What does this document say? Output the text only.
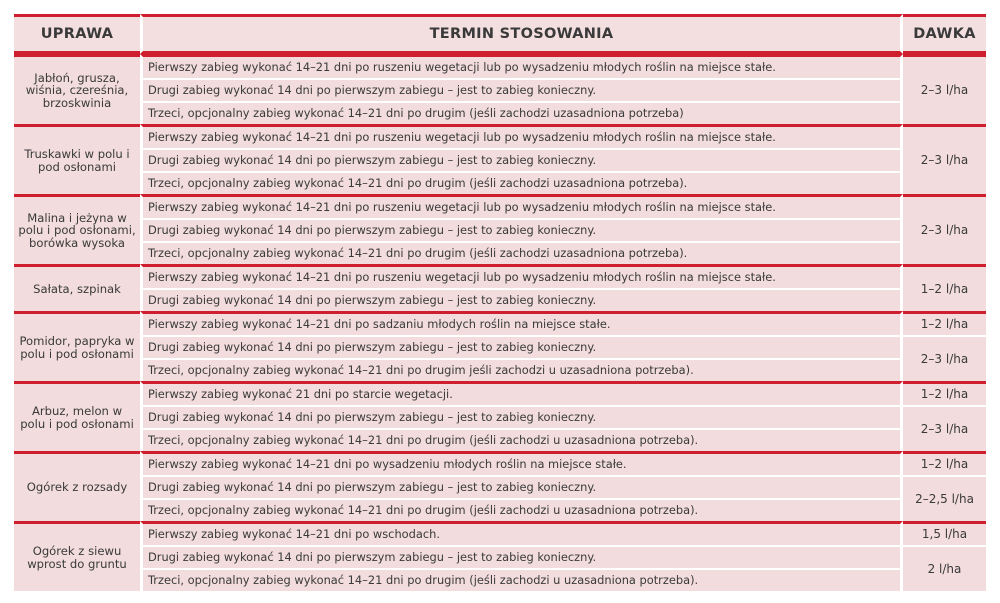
UPRAWA	TERMIN STOSOWANIA	DAWKA
Jabłoń, grusza, wiśnia, czereśnia, brzoskwinia	Pierwszy zabieg wykonać 14–21 dni po ruszeniu wegetacji lub po wysadzeniu młodych roślin na miejsce stałe.	2–3 l/ha
	Drugi zabieg wykonać 14 dni po pierwszym zabiegu – jest to zabieg konieczny.	
	Trzeci, opcjonalny zabieg wykonać 14–21 dni po drugim (jeśli zachodzi uzasadniona potrzeba)	
Truskawki w polu i pod osłonami	Pierwszy zabieg wykonać 14–21 dni po ruszeniu wegetacji lub po wysadzeniu młodych roślin na miejsce stałe.	2–3 l/ha
	Drugi zabieg wykonać 14 dni po pierwszym zabiegu – jest to zabieg konieczny.	
	Trzeci, opcjonalny zabieg wykonać 14–21 dni po drugim (jeśli zachodzi uzasadniona potrzeba).	
Malina i jeżyna w polu i pod osłonami, borówka wysoka	Pierwszy zabieg wykonać 14–21 dni po ruszeniu wegetacji lub po wysadzeniu młodych roślin na miejsce stałe.	2–3 l/ha
	Drugi zabieg wykonać 14 dni po pierwszym zabiegu – jest to zabieg konieczny.	
	Trzeci, opcjonalny zabieg wykonać 14–21 dni po drugim (jeśli zachodzi uzasadniona potrzeba).	
Sałata, szpinak	Pierwszy zabieg wykonać 14–21 dni po ruszeniu wegetacji lub po wysadzeniu młodych roślin na miejsce stałe.	1–2 l/ha
	Drugi zabieg wykonać 14 dni po pierwszym zabiegu – jest to zabieg konieczny.	
Pomidor, papryka w polu i pod osłonami	Pierwszy zabieg wykonać 14–21 dni po sadzaniu młodych roślin na miejsce stałe.	1–2 l/ha
	Drugi zabieg wykonać 14 dni po pierwszym zabiegu – jest to zabieg konieczny.	2–3 l/ha
	Trzeci, opcjonalny zabieg wykonać 14–21 dni po drugim jeśli zachodzi u uzasadniona potrzeba).	
Arbuz, melon w polu i pod osłonami	Pierwszy zabieg wykonać 21 dni po starcie wegetacji.	1–2 l/ha
	Drugi zabieg wykonać 14 dni po pierwszym zabiegu – jest to zabieg konieczny.	2–3 l/ha
	Trzeci, opcjonalny zabieg wykonać 14–21 dni po drugim (jeśli zachodzi u uzasadniona potrzeba).	
Ogórek z rozsady	Pierwszy zabieg wykonać 14–21 dni po wysadzeniu młodych roślin na miejsce stałe.	1–2 l/ha
	Drugi zabieg wykonać 14 dni po pierwszym zabiegu – jest to zabieg konieczny.	2–2,5 l/ha
	Trzeci, opcjonalny zabieg wykonać 14–21 dni po drugim (jeśli zachodzi u uzasadniona potrzeba).	
Ogórek z siewu wprost do gruntu	Pierwszy zabieg wykonać 14–21 dni po wschodach.	1,5 l/ha
	Drugi zabieg wykonać 14 dni po pierwszym zabiegu – jest to zabieg konieczny.	2 l/ha
	Trzeci, opcjonalny zabieg wykonać 14–21 dni po drugim (jeśli zachodzi u uzasadniona potrzeba).	
